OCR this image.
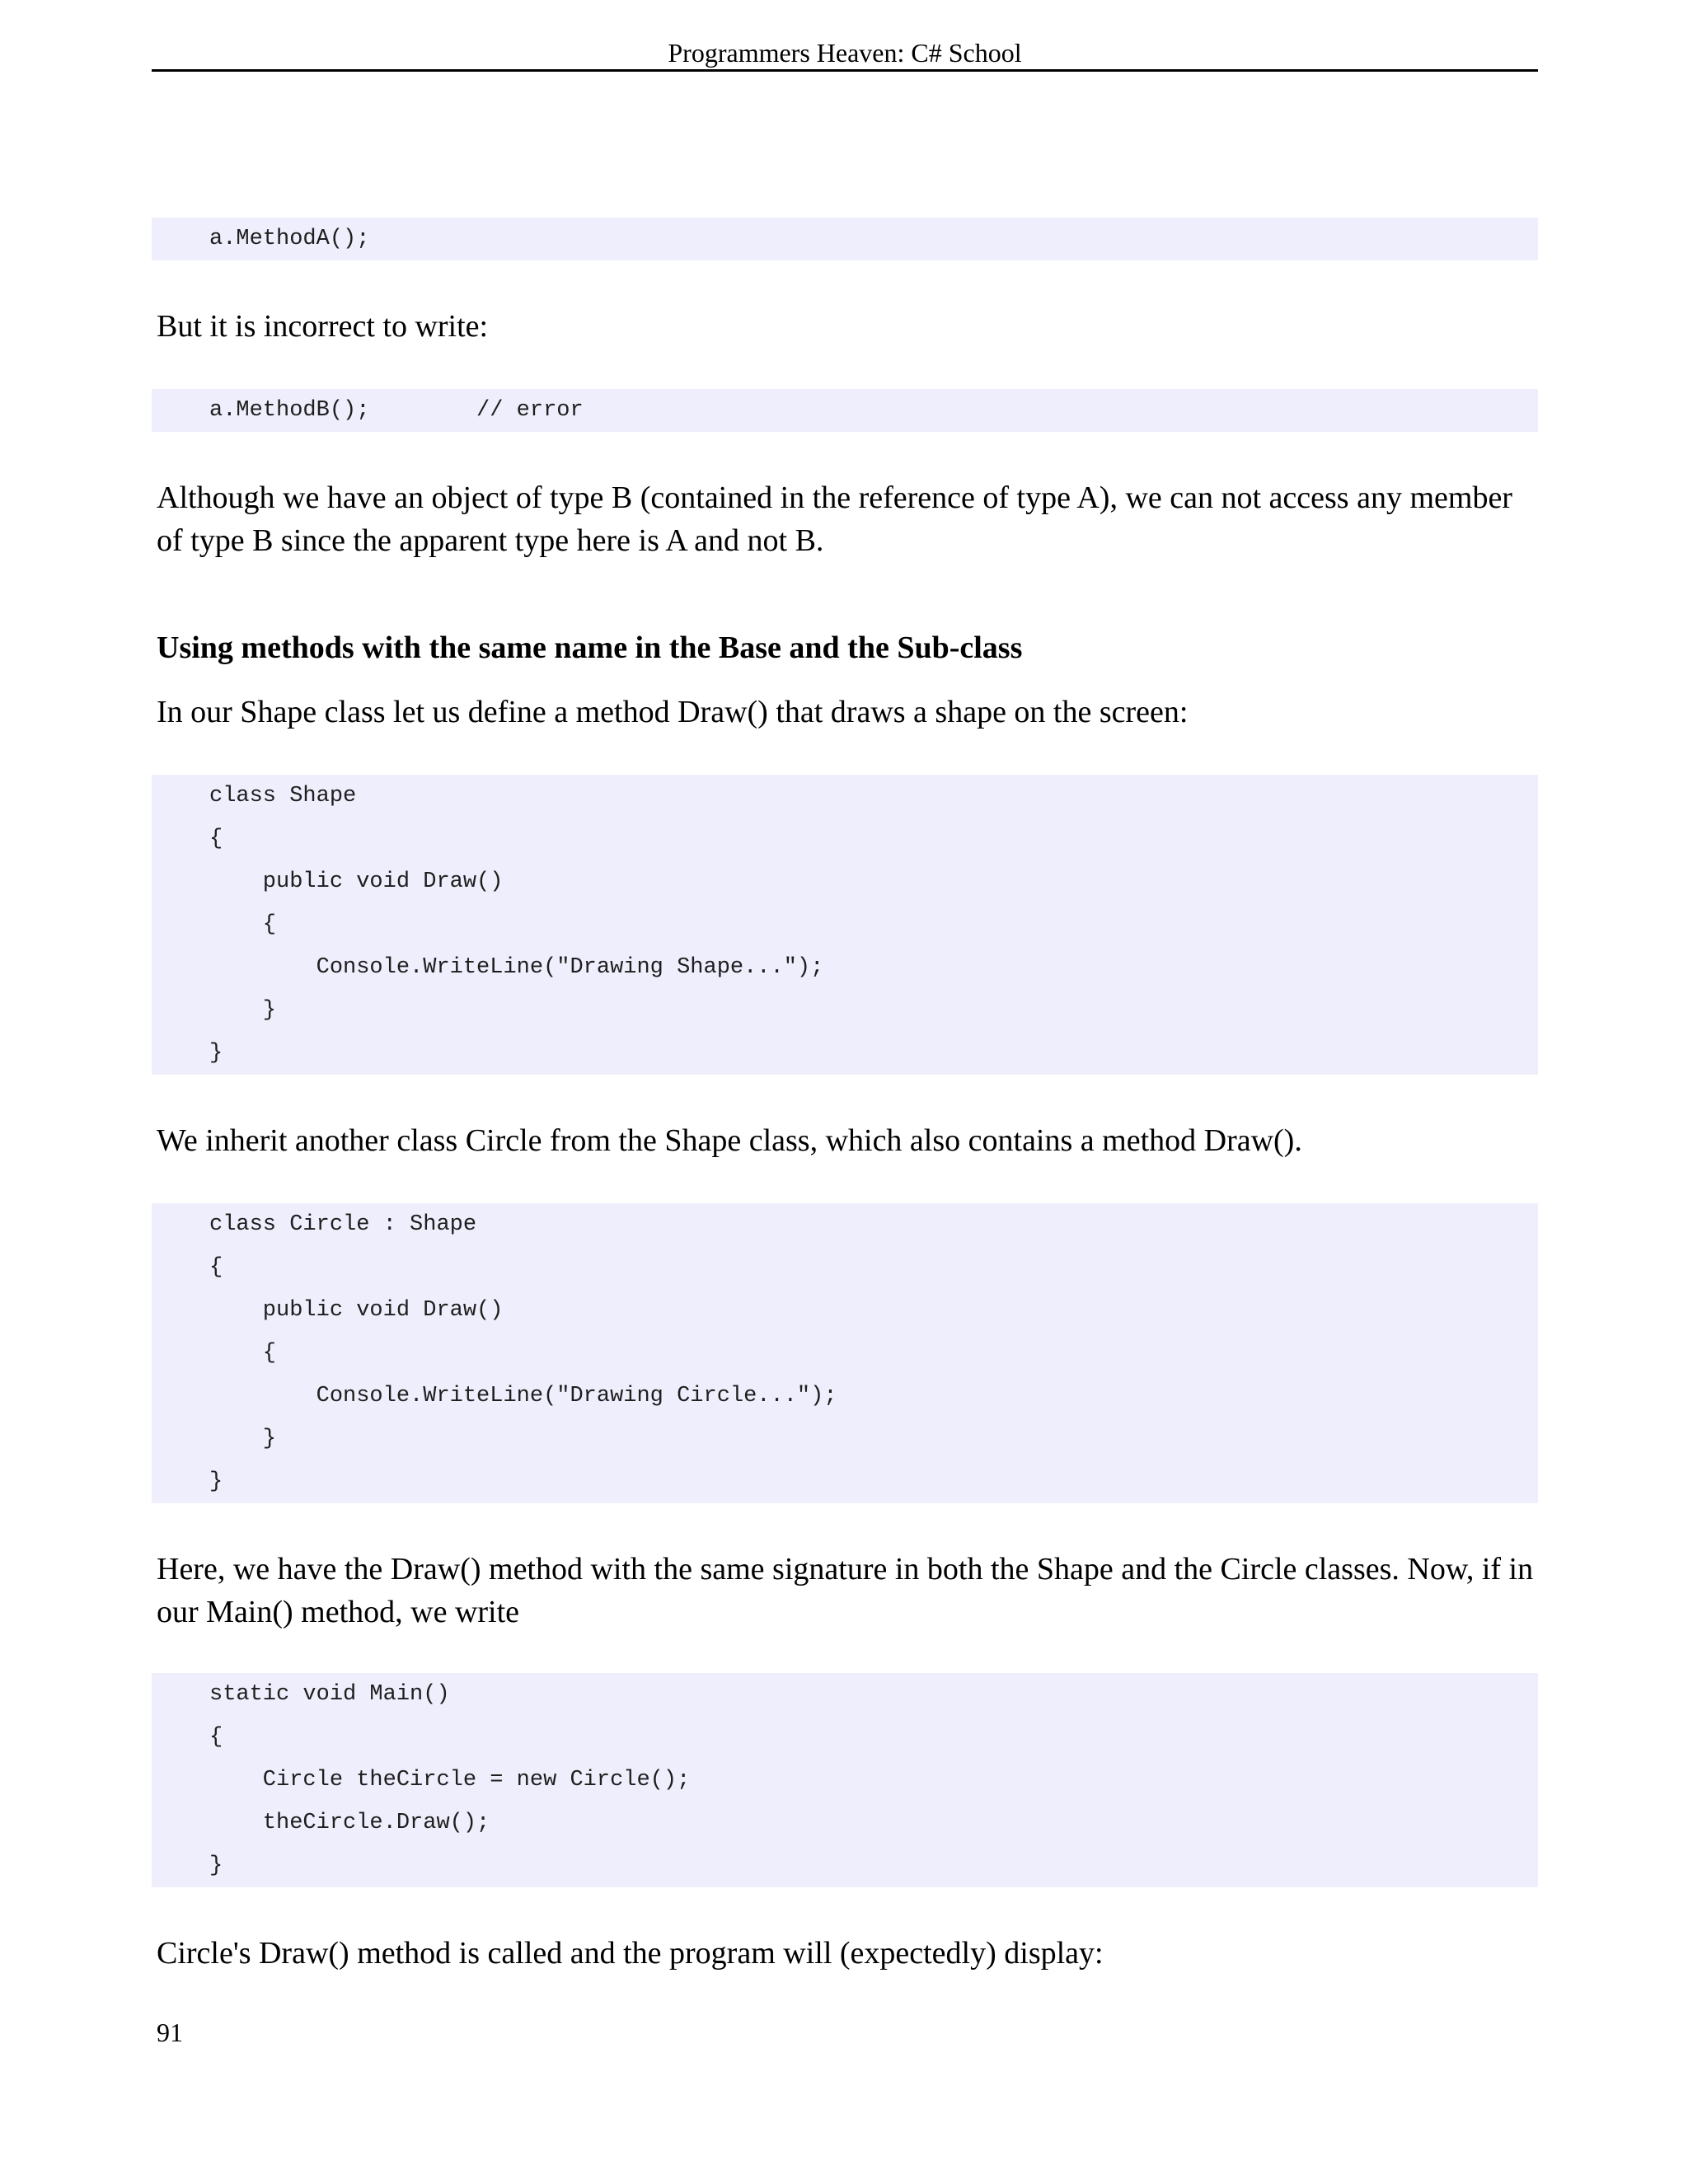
Programmers Heaven: C# School
a.MethodA();

But it is incorrect to write:

a.MethodB();        // error

Although we have an object of type B (contained in the reference of type A), we can not access any member of type B since the apparent type here is A and not B.

Using methods with the same name in the Base and the Sub-class

In our Shape class let us define a method Draw() that draws a shape on the screen:

class Shape
{
public void Draw()
{
Console.WriteLine("Drawing Shape...");
}
}

We inherit another class Circle from the Shape class, which also contains a method Draw().

class Circle : Shape
{
public void Draw()
{
Console.WriteLine("Drawing Circle...");
}
}

Here, we have the Draw() method with the same signature in both the Shape and the Circle classes. Now, if in our Main() method, we write

static void Main()
{
Circle theCircle = new Circle();
theCircle.Draw();
}

Circle's Draw() method is called and the program will (expectedly) display:

91
